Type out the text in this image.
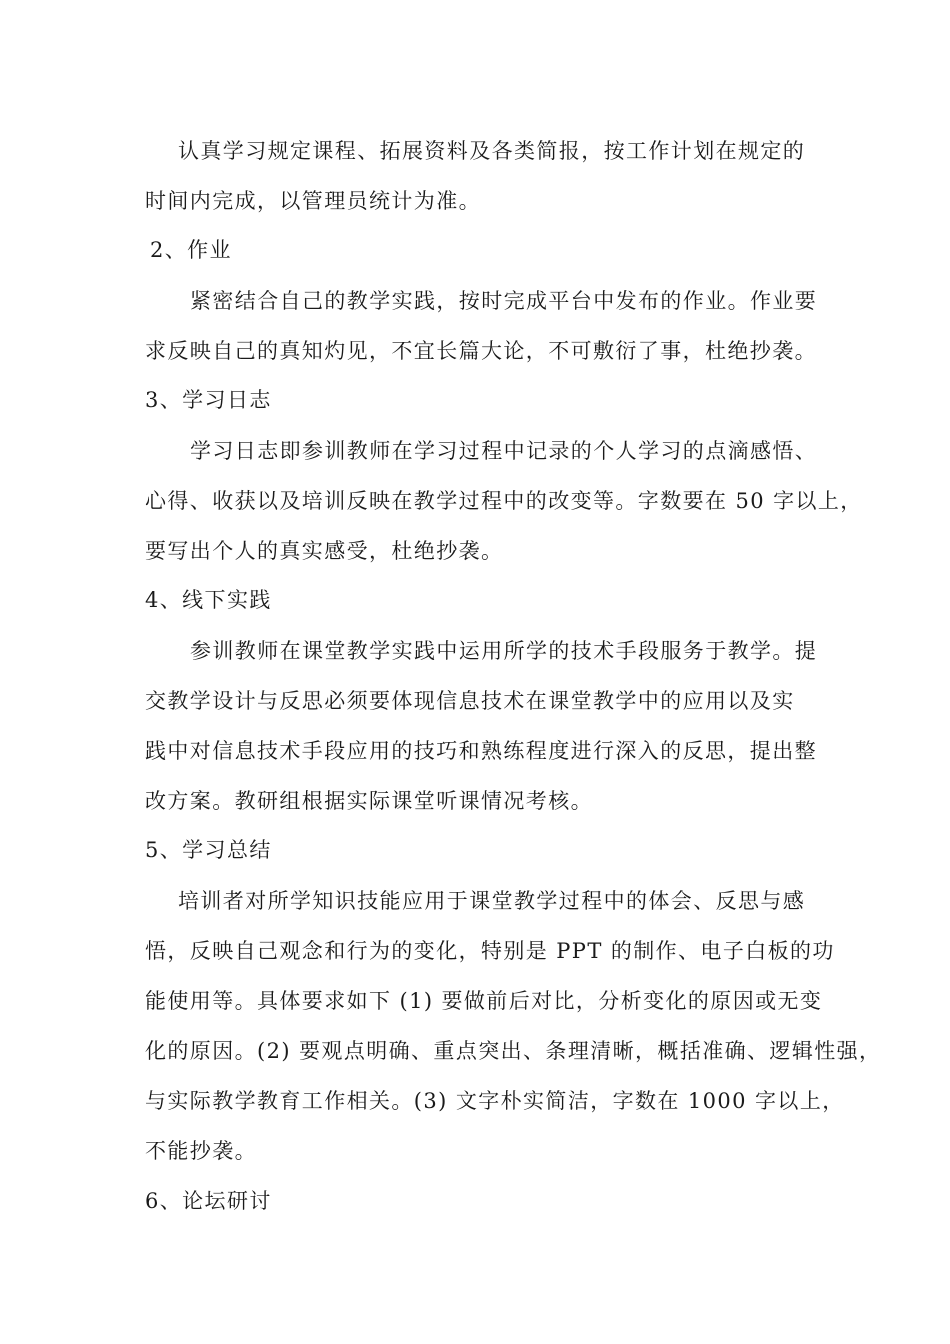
认真学习规定课程、拓展资料及各类简报，按工作计划在规定的
时间内完成，以管理员统计为准。
2、作业
紧密结合自己的教学实践，按时完成平台中发布的作业。作业要
求反映自己的真知灼见，不宜长篇大论，不可敷衍了事，杜绝抄袭。
3、学习日志
学习日志即参训教师在学习过程中记录的个人学习的点滴感悟、
心得、收获以及培训反映在教学过程中的改变等。字数要在 50 字以上，
要写出个人的真实感受，杜绝抄袭。
4、线下实践
参训教师在课堂教学实践中运用所学的技术手段服务于教学。提
交教学设计与反思必须要体现信息技术在课堂教学中的应用以及实
践中对信息技术手段应用的技巧和熟练程度进行深入的反思，提出整
改方案。教研组根据实际课堂听课情况考核。
5、学习总结
培训者对所学知识技能应用于课堂教学过程中的体会、反思与感
悟，反映自己观念和行为的变化，特别是 PPT 的制作、电子白板的功
能使用等。具体要求如下 (1) 要做前后对比，分析变化的原因或无变
化的原因。(2) 要观点明确、重点突出、条理清晰，概括准确、逻辑性强，
与实际教学教育工作相关。(3) 文字朴实简洁，字数在 1000 字以上，
不能抄袭。
6、论坛研讨
